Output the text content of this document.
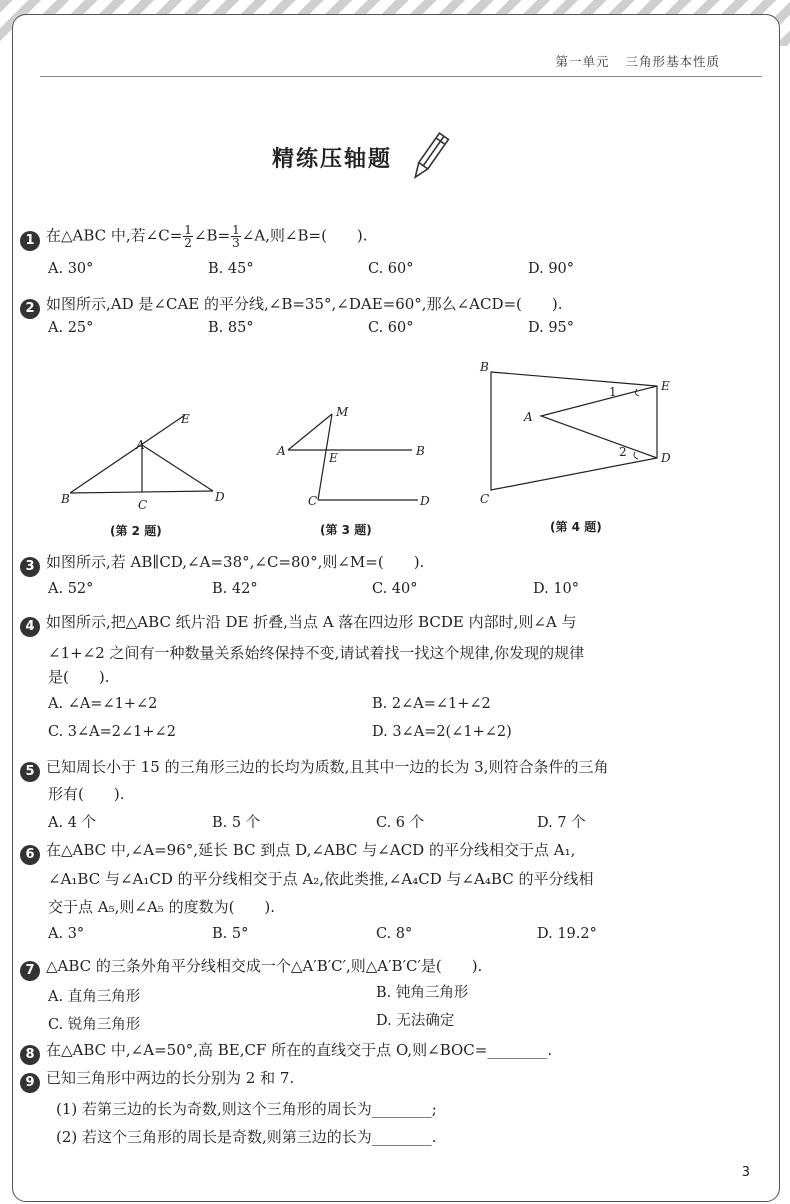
第一单元 三角形基本性质
精练压轴题
1 在△ABC 中,若∠C= $\frac{1}{2}$ ∠B= $\frac{1}{3}$ ∠A,则∠B=(　　).
A. 30°	B. 45°	C. 60°	D. 90°
2 如图所示,AD 是∠CAE 的平分线,∠B=35°,∠DAE=60°,那么∠ACD=(　　).
A. 25°	B. 85°	C. 60°	D. 95°
A
B	C
D
E
(第 2 题)
A	B
C	D
E
M
(第 3 题)
B
C
D
E
A
1
2
(第 4 题)
3 如图所示,若 AB∥CD,∠A=38°,∠C=80°,则∠M=(　　).
A. 52°	B. 42°	C. 40°	D. 10°
4 如图所示,把△ABC 纸片沿 DE 折叠,当点 A 落在四边形 BCDE 内部时,则∠A 与
∠1+∠2 之间有一种数量关系始终保持不变,请试着找一找这个规律,你发现的规律
是(　　).
A. ∠A=∠1+∠2	B. 2∠A=∠1+∠2
C. 3∠A=2∠1+∠2	D. 3∠A=2(∠1+∠2)
5 已知周长小于 15 的三角形三边的长均为质数,且其中一边的长为 3,则符合条件的三角
形有(　　).
A. 4 个	B. 5 个	C. 6 个	D. 7 个
6 在△ABC 中,∠A=96°,延长 BC 到点 D,∠ABC 与∠ACD 的平分线相交于点 A₁,
∠A₁BC 与∠A₁CD 的平分线相交于点 A₂,依此类推,∠A₄CD 与∠A₄BC 的平分线相
交于点 A₅,则∠A₅ 的度数为(　　).
A. 3°	B. 5°	C. 8°	D. 19.2°
7 △ABC 的三条外角平分线相交成一个△A′B′C′,则△A′B′C′是(　　).
A. 直角三角形	B. 钝角三角形
C. 锐角三角形	D. 无法确定
8 在△ABC 中,∠A=50°,高 BE,CF 所在的直线交于点 O,则∠BOC=________.
9 已知三角形中两边的长分别为 2 和 7.
(1) 若第三边的长为奇数,则这个三角形的周长为________;
(2) 若这个三角形的周长是奇数,则第三边的长为________.
3
